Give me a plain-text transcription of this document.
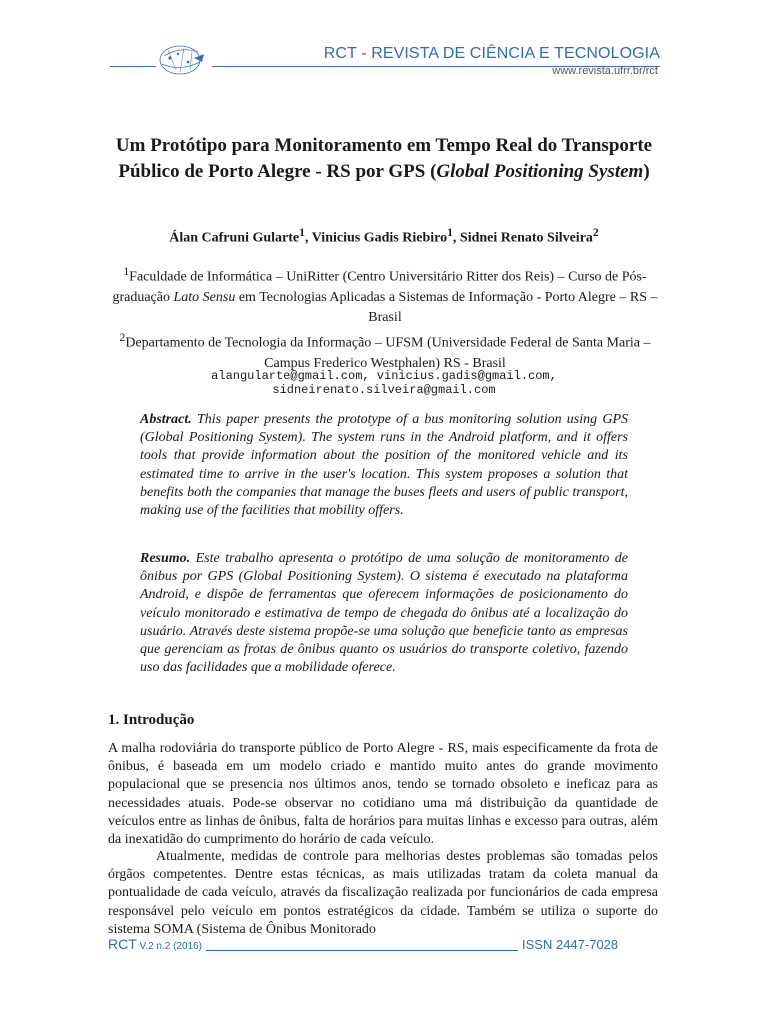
RCT - REVISTA DE CIÊNCIA E TECNOLOGIA
www.revista.ufrr.br/rct
Um Protótipo para Monitoramento em Tempo Real do Transporte Público de Porto Alegre - RS por GPS (Global Positioning System)
Álan Cafruni Gularte$^1$, Vinicius Gadis Riebiro$^1$, Sidnei Renato Silveira$^2$
$^1$Faculdade de Informática – UniRitter (Centro Universitário Ritter dos Reis) – Curso de Pós-graduação Lato Sensu em Tecnologias Aplicadas a Sistemas de Informação - Porto Alegre – RS – Brasil
$^2$Departamento de Tecnologia da Informação – UFSM (Universidade Federal de Santa Maria – Campus Frederico Westphalen) RS - Brasil
alangularte@gmail.com, vinicius.gadis@gmail.com,
sidneirenato.silveira@gmail.com
Abstract. This paper presents the prototype of a bus monitoring solution using GPS (Global Positioning System). The system runs in the Android platform, and it offers tools that provide information about the position of the monitored vehicle and its estimated time to arrive in the user's location. This system proposes a solution that benefits both the companies that manage the buses fleets and users of public transport, making use of the facilities that mobility offers.
Resumo. Este trabalho apresenta o protótipo de uma solução de monitoramento de ônibus por GPS (Global Positioning System). O sistema é executado na plataforma Android, e dispõe de ferramentas que oferecem informações de posicionamento do veículo monitorado e estimativa de tempo de chegada do ônibus até a localização do usuário. Através deste sistema propõe-se uma solução que beneficie tanto as empresas que gerenciam as frotas de ônibus quanto os usuários do transporte coletivo, fazendo uso das facilidades que a mobilidade oferece.
1. Introdução
A malha rodoviária do transporte público de Porto Alegre - RS, mais especificamente da frota de ônibus, é baseada em um modelo criado e mantido muito antes do grande movimento populacional que se presencia nos últimos anos, tendo se tornado obsoleto e ineficaz para as necessidades atuais. Pode-se observar no cotidiano uma má distribuição da quantidade de veículos entre as linhas de ônibus, falta de horários para muitas linhas e excesso para outras, além da inexatidão do cumprimento do horário de cada veículo.
Atualmente, medidas de controle para melhorias destes problemas são tomadas pelos órgãos competentes. Dentre estas técnicas, as mais utilizadas tratam da coleta manual da pontualidade de cada veículo, através da fiscalização realizada por funcionários de cada empresa responsável pelo veículo em pontos estratégicos da cidade. Também se utiliza o suporte do sistema SOMA (Sistema de Ônibus Monitorado
RCT V.2 n.2 (2016)	ISSN 2447-7028
